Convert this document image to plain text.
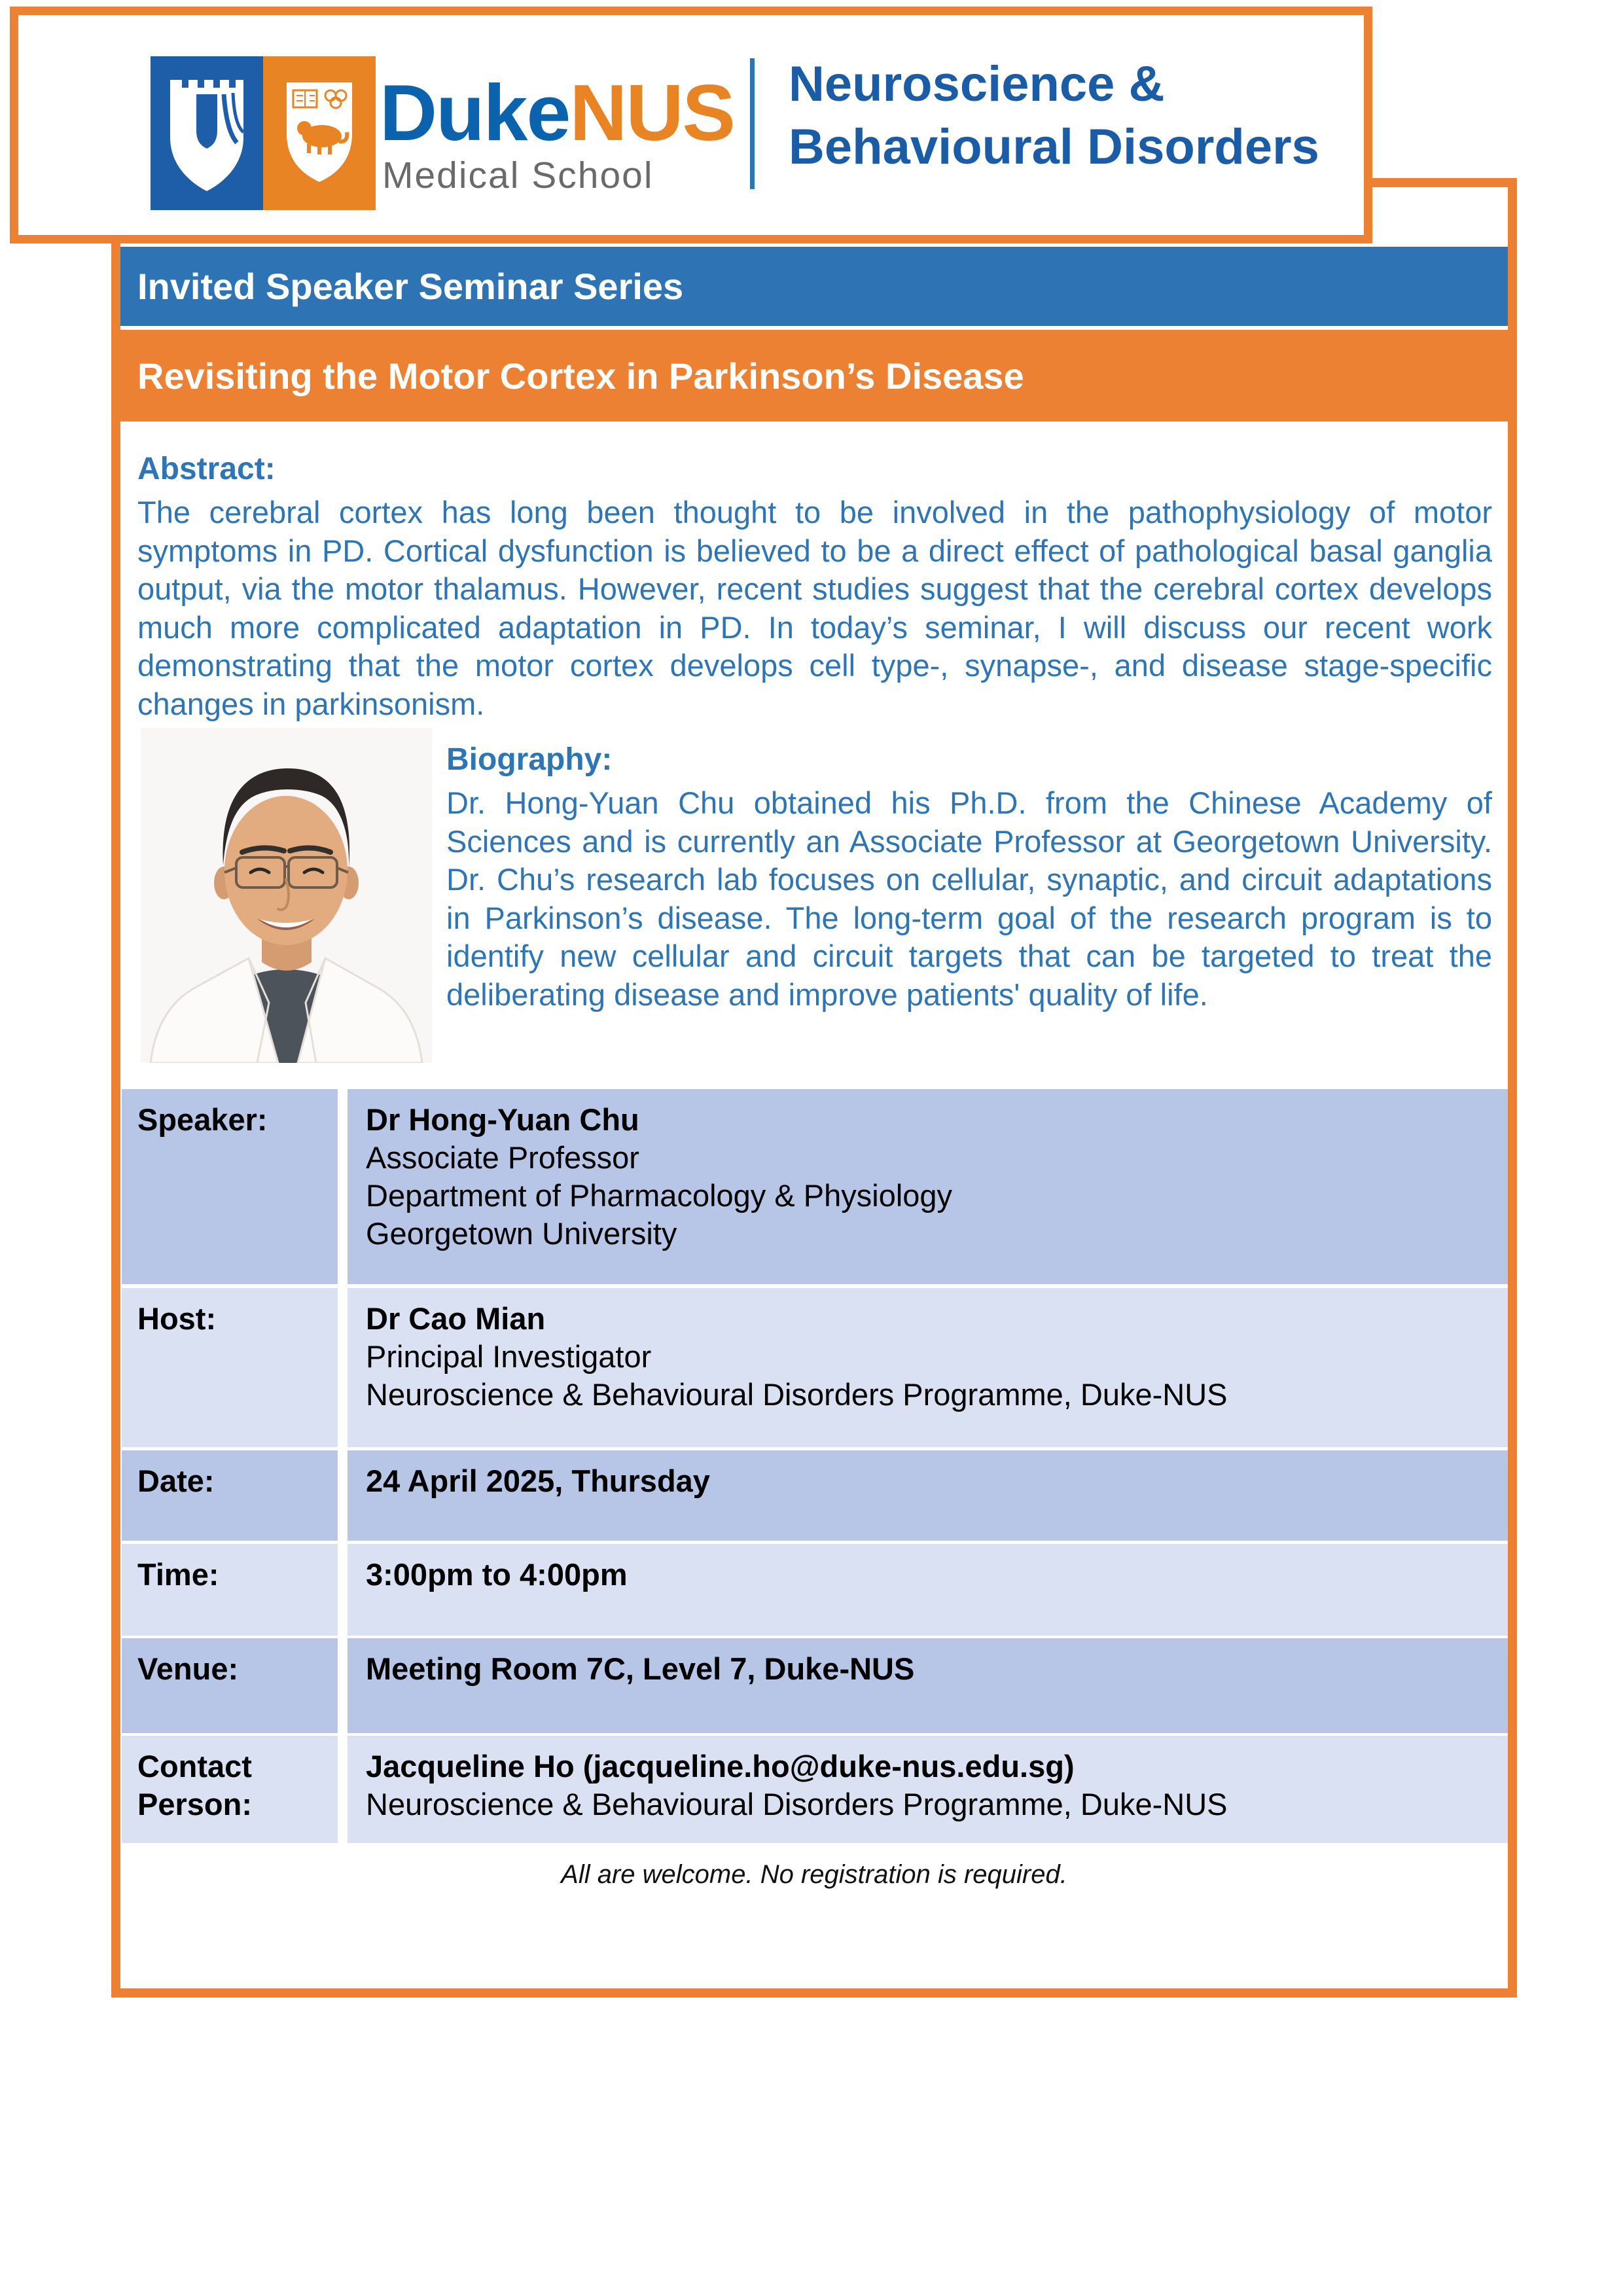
DukeNUS
Medical School
Neuroscience &
Behavioural Disorders
Invited Speaker Seminar Series
Revisiting the Motor Cortex in Parkinson’s Disease
Abstract:
The cerebral cortex has long been thought to be involved in the pathophysiology of motor symptoms in PD. Cortical dysfunction is believed to be a direct effect of pathological basal ganglia output, via the motor thalamus. However, recent studies suggest that the cerebral cortex develops much more complicated adaptation in PD. In today’s seminar, I will discuss our recent work demonstrating that the motor cortex develops cell type-, synapse-, and disease stage-specific changes in parkinsonism.
Biography:
Dr. Hong-Yuan Chu obtained his Ph.D. from the Chinese Academy of Sciences and is currently an Associate Professor at Georgetown University. Dr. Chu’s research lab focuses on cellular, synaptic, and circuit adaptations in Parkinson’s disease. The long-term goal of the research program is to identify new cellular and circuit targets that can be targeted to treat the deliberating disease and improve patients' quality of life.
Speaker:	Dr Hong-Yuan Chu
Associate Professor
Department of Pharmacology & Physiology
Georgetown University
Host:	Dr Cao Mian
Principal Investigator
Neuroscience & Behavioural Disorders Programme, Duke-NUS
Date:	24 April 2025, Thursday
Time:	3:00pm to 4:00pm
Venue:	Meeting Room 7C, Level 7, Duke-NUS
Contact Person:
Jacqueline Ho (jacqueline.ho@duke-nus.edu.sg)
Neuroscience & Behavioural Disorders Programme, Duke-NUS
All are welcome. No registration is required.
